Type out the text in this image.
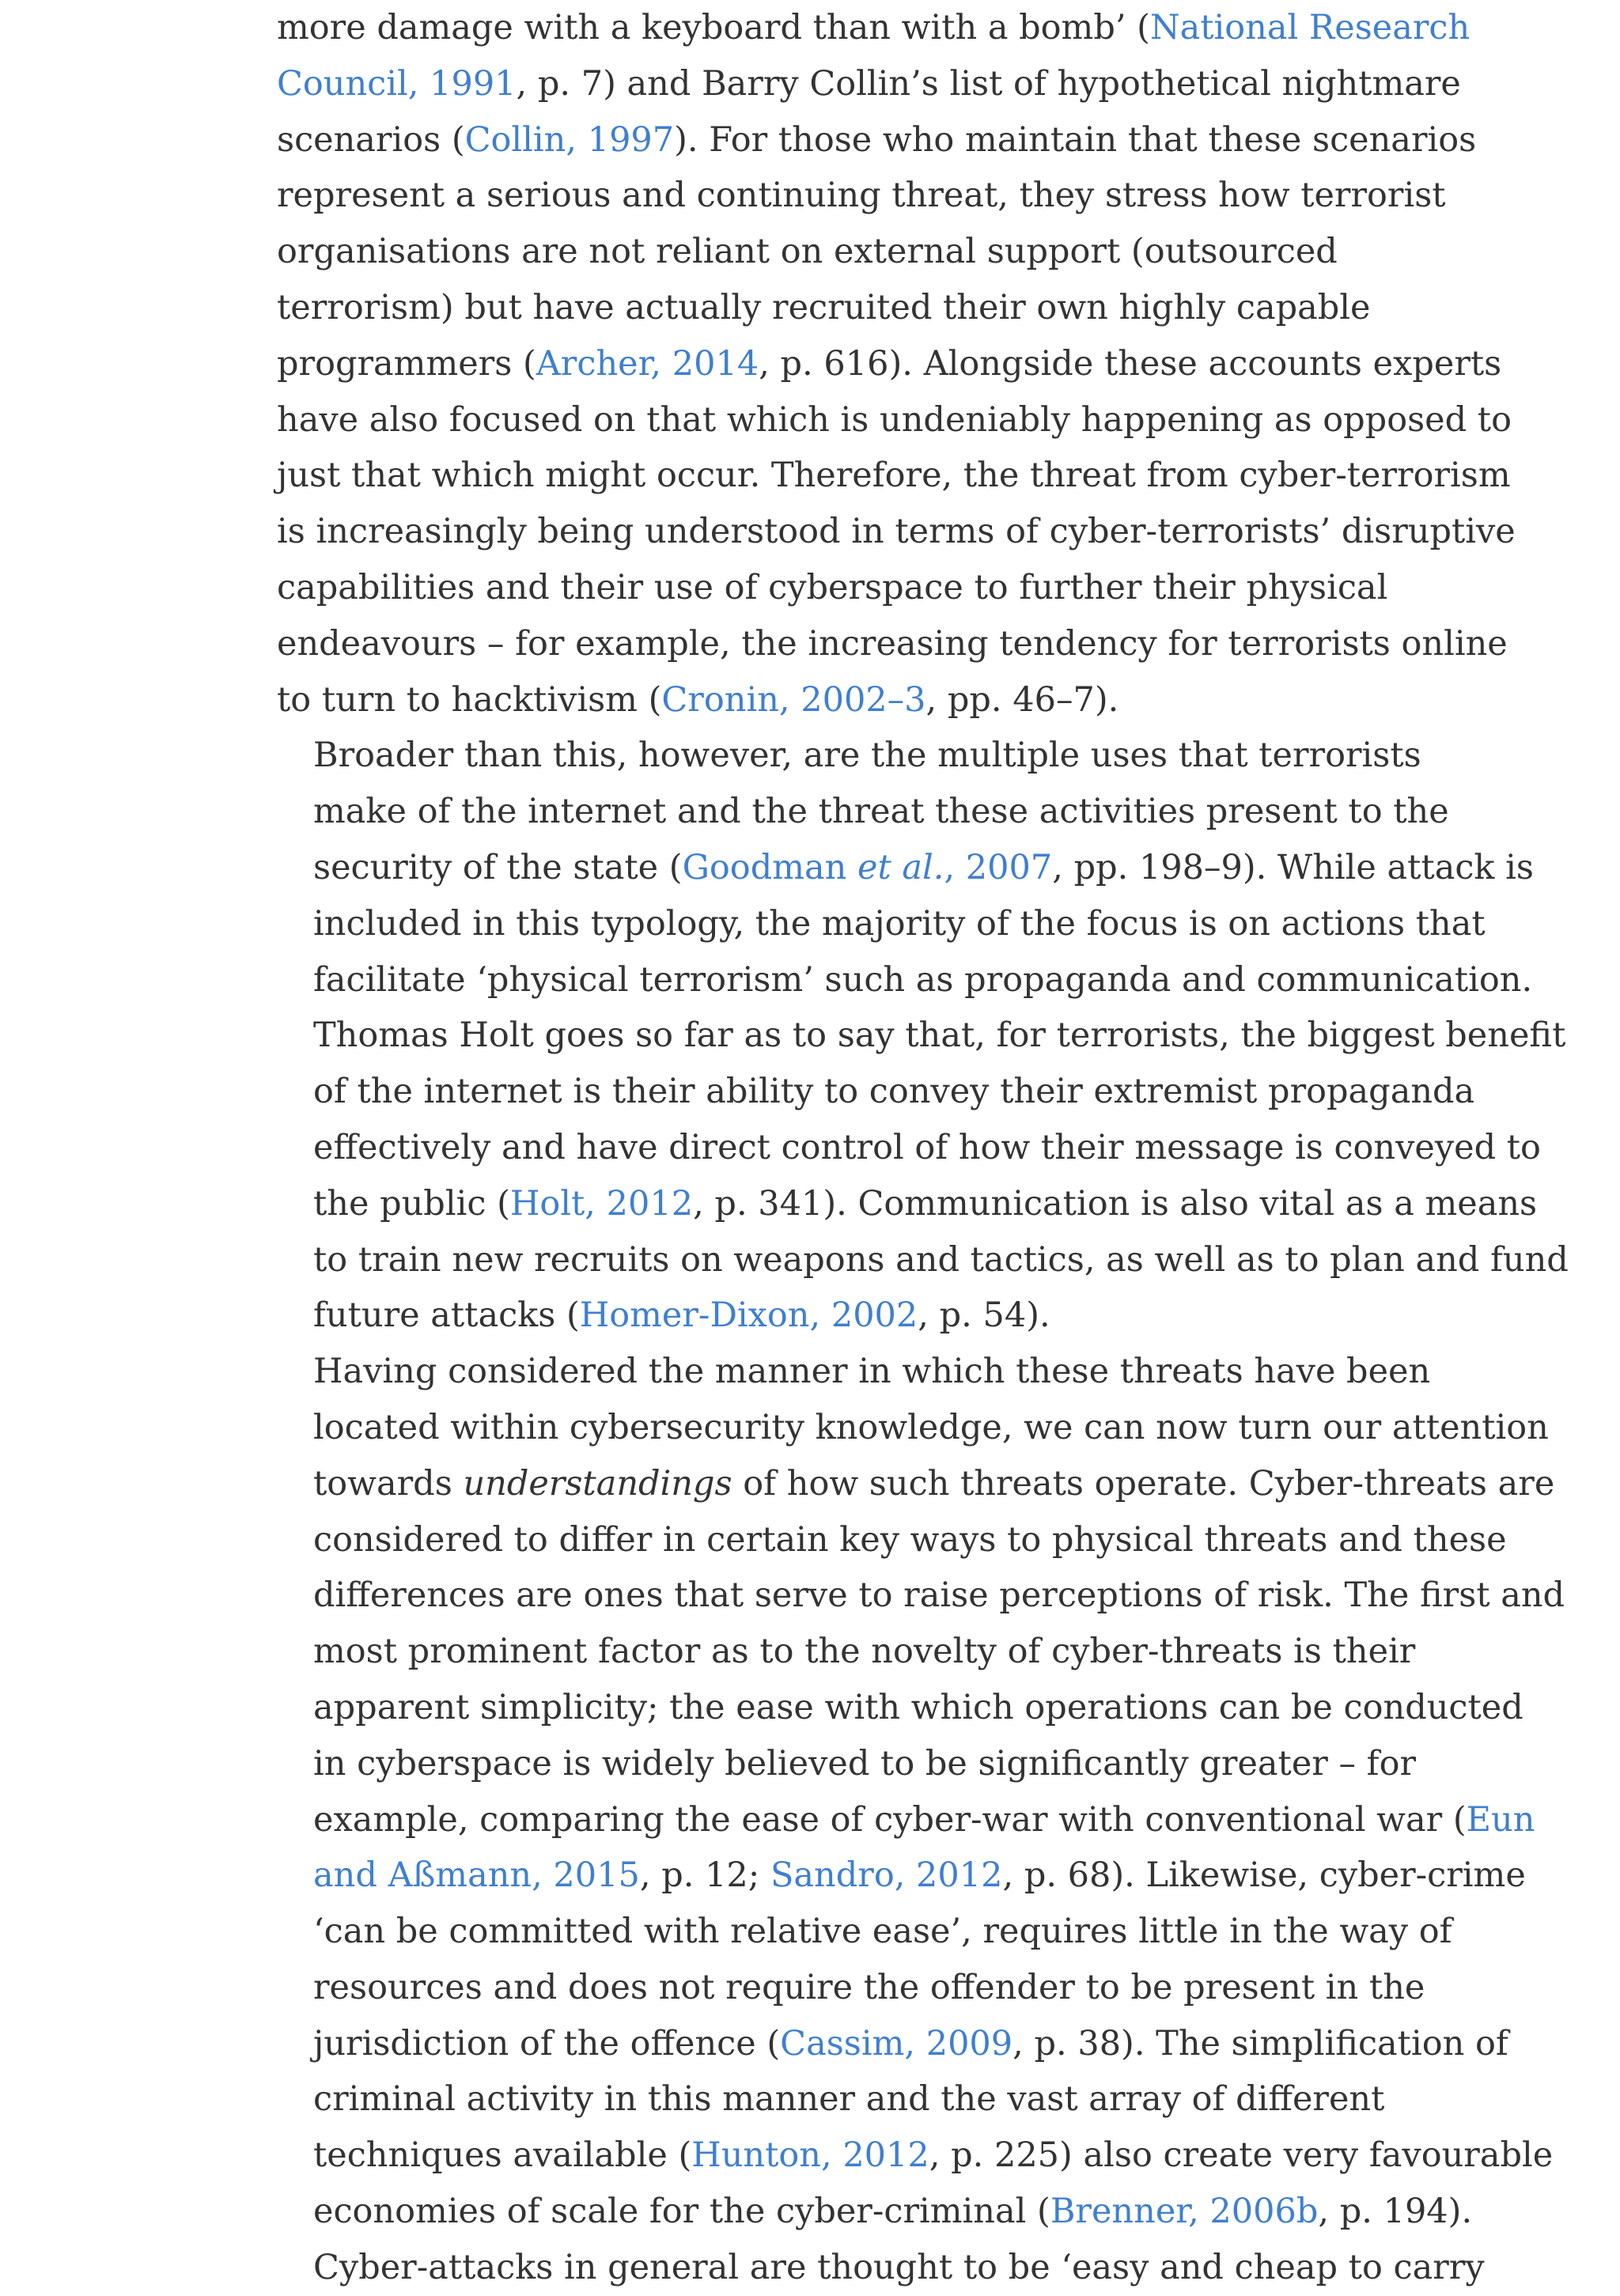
more damage with a keyboard than with a bomb’ (National Research
Council, 1991, p. 7) and Barry Collin’s list of hypothetical nightmare
scenarios (Collin, 1997). For those who maintain that these scenarios
represent a serious and continuing threat, they stress how terrorist
organisations are not reliant on external support (outsourced
terrorism) but have actually recruited their own highly capable
programmers (Archer, 2014, p. 616). Alongside these accounts experts
have also focused on that which is undeniably happening as opposed to
just that which might occur. Therefore, the threat from cyber-terrorism
is increasingly being understood in terms of cyber-terrorists’ disruptive
capabilities and their use of cyberspace to further their physical
endeavours – for example, the increasing tendency for terrorists online
to turn to hacktivism (Cronin, 2002–3, pp. 46–7).

Broader than this, however, are the multiple uses that terrorists
make of the internet and the threat these activities present to the
security of the state (Goodman et al., 2007, pp. 198–9). While attack is
included in this typology, the majority of the focus is on actions that
facilitate ‘physical terrorism’ such as propaganda and communication.
Thomas Holt goes so far as to say that, for terrorists, the biggest benefit
of the internet is their ability to convey their extremist propaganda
effectively and have direct control of how their message is conveyed to
the public (Holt, 2012, p. 341). Communication is also vital as a means
to train new recruits on weapons and tactics, as well as to plan and fund
future attacks (Homer-Dixon, 2002, p. 54).

Having considered the manner in which these threats have been
located within cybersecurity knowledge, we can now turn our attention
towards understandings of how such threats operate. Cyber-threats are
considered to differ in certain key ways to physical threats and these
differences are ones that serve to raise perceptions of risk. The first and
most prominent factor as to the novelty of cyber-threats is their
apparent simplicity; the ease with which operations can be conducted
in cyberspace is widely believed to be significantly greater – for
example, comparing the ease of cyber-war with conventional war (Eun
and Aßmann, 2015, p. 12; Sandro, 2012, p. 68). Likewise, cyber-crime
‘can be committed with relative ease’, requires little in the way of
resources and does not require the offender to be present in the
jurisdiction of the offence (Cassim, 2009, p. 38). The simplification of
criminal activity in this manner and the vast array of different
techniques available (Hunton, 2012, p. 225) also create very favourable
economies of scale for the cyber-criminal (Brenner, 2006b, p. 194).

Cyber-attacks in general are thought to be ‘easy and cheap to carry
